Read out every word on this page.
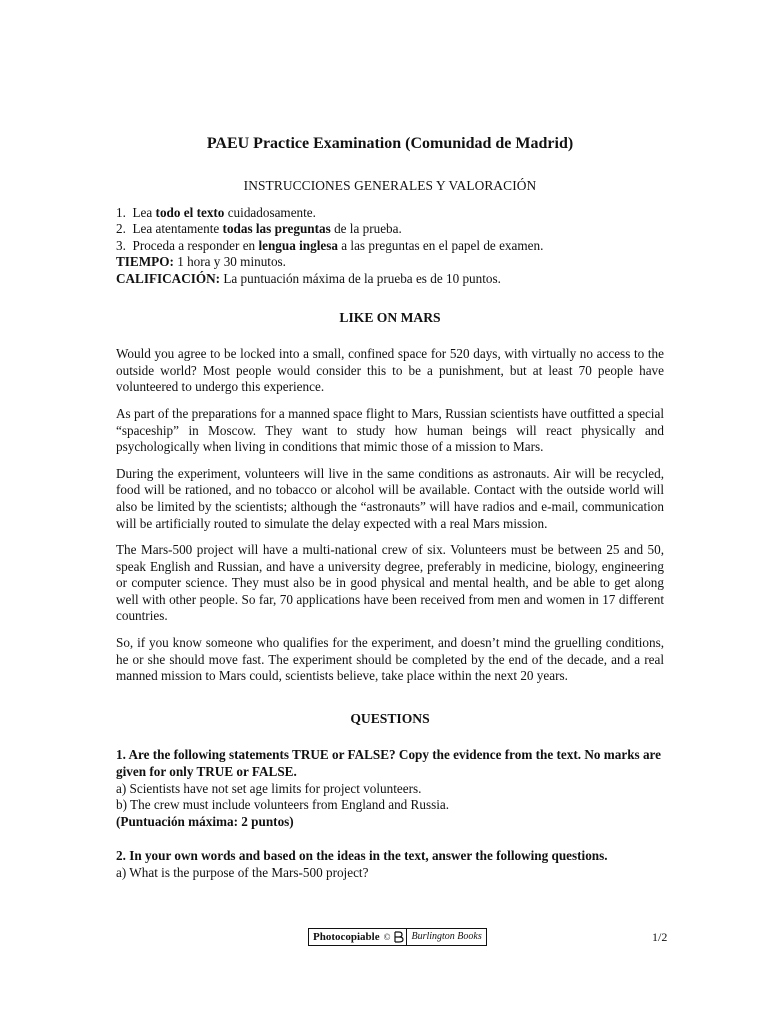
PAEU Practice Examination (Comunidad de Madrid)
INSTRUCCIONES GENERALES Y VALORACIÓN
1. Lea todo el texto cuidadosamente.
2. Lea atentamente todas las preguntas de la prueba.
3. Proceda a responder en lengua inglesa a las preguntas en el papel de examen.
TIEMPO: 1 hora y 30 minutos.
CALIFICACIÓN: La puntuación máxima de la prueba es de 10 puntos.
LIKE ON MARS

Would you agree to be locked into a small, confined space for 520 days, with virtually no access to the outside world? Most people would consider this to be a punishment, but at least 70 people have volunteered to undergo this experience.

As part of the preparations for a manned space flight to Mars, Russian scientists have outfitted a special “spaceship” in Moscow. They want to study how human beings will react physically and psychologically when living in conditions that mimic those of a mission to Mars.

During the experiment, volunteers will live in the same conditions as astronauts. Air will be recycled, food will be rationed, and no tobacco or alcohol will be available. Contact with the outside world will also be limited by the scientists; although the “astronauts” will have radios and e-mail, communication will be artificially routed to simulate the delay expected with a real Mars mission.

The Mars-500 project will have a multi-national crew of six. Volunteers must be between 25 and 50, speak English and Russian, and have a university degree, preferably in medicine, biology, engineering or computer science. They must also be in good physical and mental health, and be able to get along well with other people. So far, 70 applications have been received from men and women in 17 different countries.

So, if you know someone who qualifies for the experiment, and doesn’t mind the gruelling conditions, he or she should move fast. The experiment should be completed by the end of the decade, and a real manned mission to Mars could, scientists believe, take place within the next 20 years.

QUESTIONS
1. Are the following statements TRUE or FALSE? Copy the evidence from the text. No marks are given for only TRUE or FALSE.
a) Scientists have not set age limits for project volunteers.
b) The crew must include volunteers from England and Russia.
(Puntuación máxima: 2 puntos)
2. In your own words and based on the ideas in the text, answer the following questions.
a) What is the purpose of the Mars-500 project?
Photocopiable ©	Burlington Books	1/2
